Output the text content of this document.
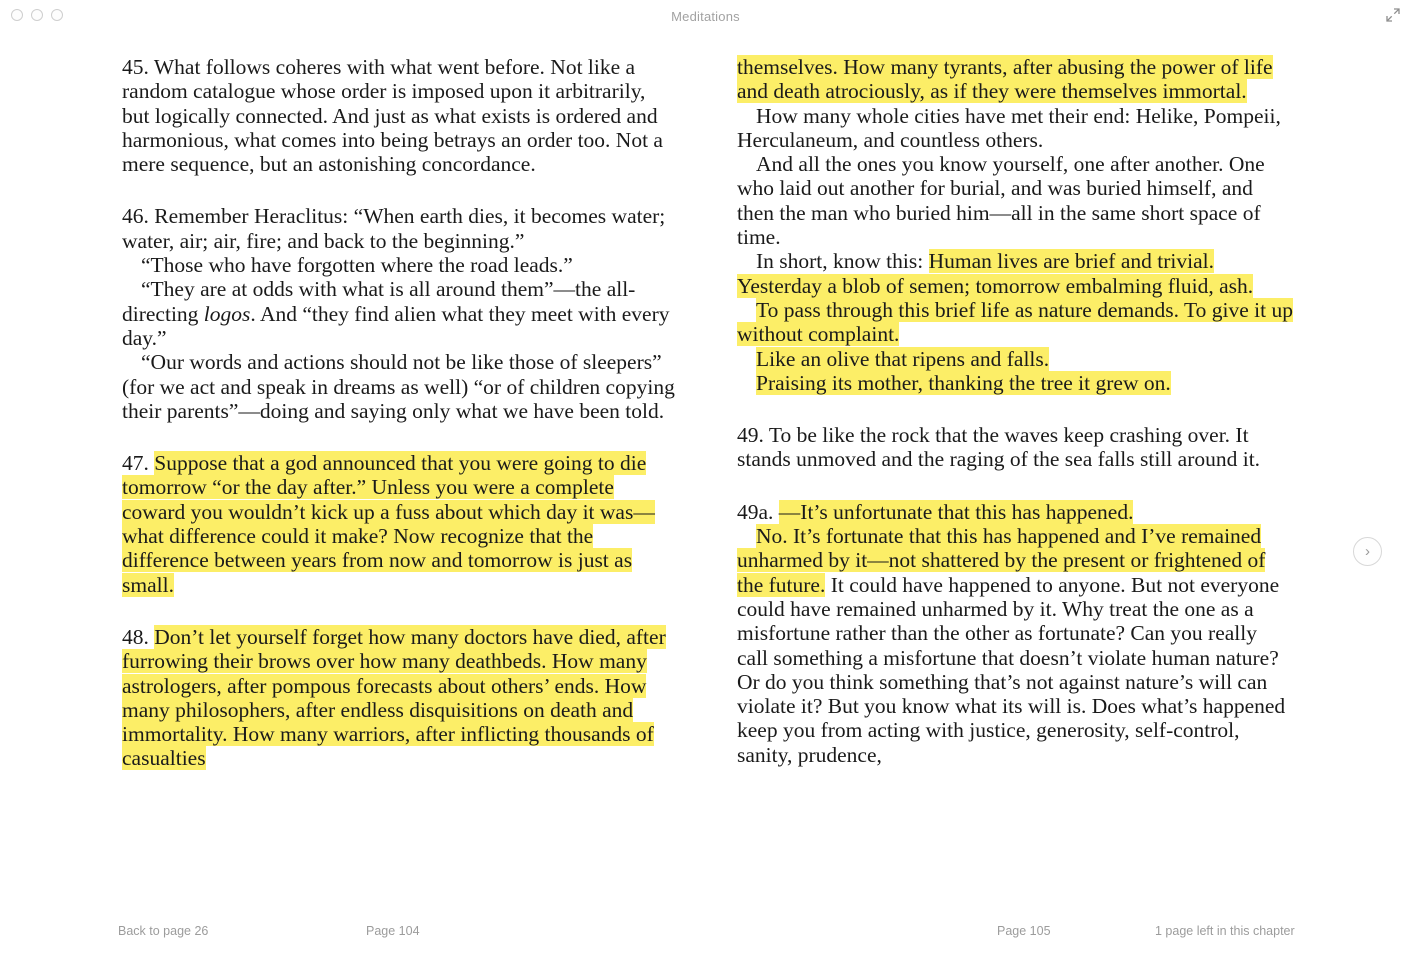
Meditations

45. What follows coheres with what went before. Not like a random catalogue whose order is imposed upon it arbitrarily, but logically connected. And just as what exists is ordered and harmonious, what comes into being betrays an order too. Not a mere sequence, but an astonishing concordance.

46. Remember Heraclitus: “When earth dies, it becomes water; water, air; air, fire; and back to the beginning.”

“Those who have forgotten where the road leads.”

“They are at odds with what is all around them”—the all-directing logos. And “they find alien what they meet with every day.”

“Our words and actions should not be like those of sleepers” (for we act and speak in dreams as well) “or of children copying their parents”—doing and saying only what we have been told.

47. Suppose that a god announced that you were going to die tomorrow “or the day after.” Unless you were a complete coward you wouldn’t kick up a fuss about which day it was—what difference could it make? Now recognize that the difference between years from now and tomorrow is just as small.

48. Don’t let yourself forget how many doctors have died, after furrowing their brows over how many deathbeds. How many astrologers, after pompous forecasts about others’ ends. How many philosophers, after endless disquisitions on death and immortality. How many warriors, after inflicting thousands of casualties

themselves. How many tyrants, after abusing the power of life and death atrociously, as if they were themselves immortal.

How many whole cities have met their end: Helike, Pompeii, Herculaneum, and countless others.

And all the ones you know yourself, one after another. One who laid out another for burial, and was buried himself, and then the man who buried him—all in the same short space of time.

In short, know this: Human lives are brief and trivial. Yesterday a blob of semen; tomorrow embalming fluid, ash.

To pass through this brief life as nature demands. To give it up without complaint.

Like an olive that ripens and falls.

Praising its mother, thanking the tree it grew on.

49. To be like the rock that the waves keep crashing over. It stands unmoved and the raging of the sea falls still around it.

49a. —It’s unfortunate that this has happened.

No. It’s fortunate that this has happened and I’ve remained unharmed by it—not shattered by the present or frightened of the future. It could have happened to anyone. But not everyone could have remained unharmed by it. Why treat the one as a misfortune rather than the other as fortunate? Can you really call something a misfortune that doesn’t violate human nature? Or do you think something that’s not against nature’s will can violate it? But you know what its will is. Does what’s happened keep you from acting with justice, generosity, self-control, sanity, prudence,

›
Back to page 26	Page 104	Page 105	1 page left in this chapter
